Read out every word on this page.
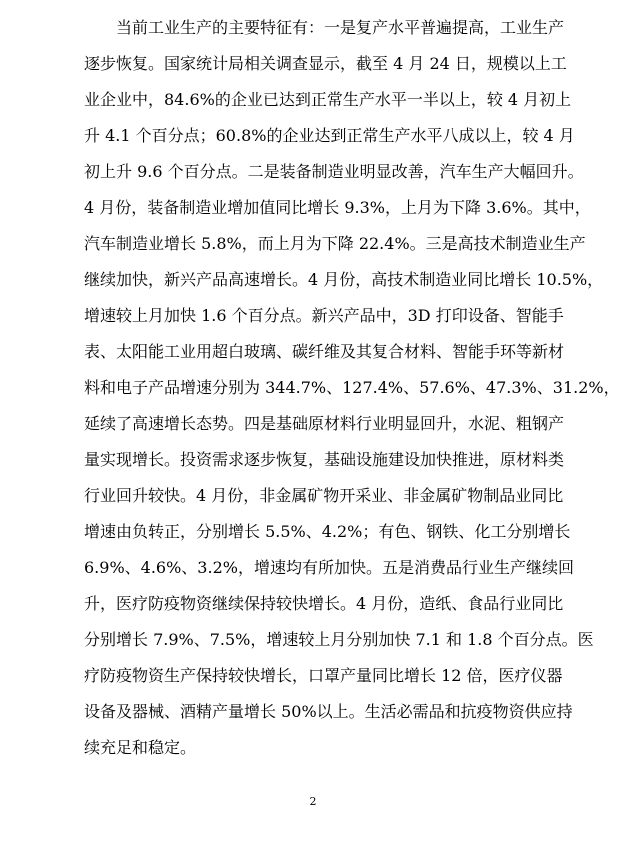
当前工业生产的主要特征有：一是复产水平普遍提高，工业生产
逐步恢复。国家统计局相关调查显示，截至 4 月 24 日，规模以上工
业企业中，84.6%的企业已达到正常生产水平一半以上，较 4 月初上
升 4.1 个百分点；60.8%的企业达到正常生产水平八成以上，较 4 月
初上升 9.6 个百分点。二是装备制造业明显改善，汽车生产大幅回升。
4 月份，装备制造业增加值同比增长 9.3%，上月为下降 3.6%。其中，
汽车制造业增长 5.8%，而上月为下降 22.4%。三是高技术制造业生产
继续加快，新兴产品高速增长。4 月份，高技术制造业同比增长 10.5%，
增速较上月加快 1.6 个百分点。新兴产品中，3D 打印设备、智能手
表、太阳能工业用超白玻璃、碳纤维及其复合材料、智能手环等新材
料和电子产品增速分别为 344.7%、127.4%、57.6%、47.3%、31.2%，
延续了高速增长态势。四是基础原材料行业明显回升，水泥、粗钢产
量实现增长。投资需求逐步恢复，基础设施建设加快推进，原材料类
行业回升较快。4 月份，非金属矿物开采业、非金属矿物制品业同比
增速由负转正，分别增长 5.5%、4.2%；有色、钢铁、化工分别增长
6.9%、4.6%、3.2%，增速均有所加快。五是消费品行业生产继续回
升，医疗防疫物资继续保持较快增长。4 月份，造纸、食品行业同比
分别增长 7.9%、7.5%，增速较上月分别加快 7.1 和 1.8 个百分点。医
疗防疫物资生产保持较快增长，口罩产量同比增长 12 倍，医疗仪器
设备及器械、酒精产量增长 50%以上。生活必需品和抗疫物资供应持
续充足和稳定。
2
